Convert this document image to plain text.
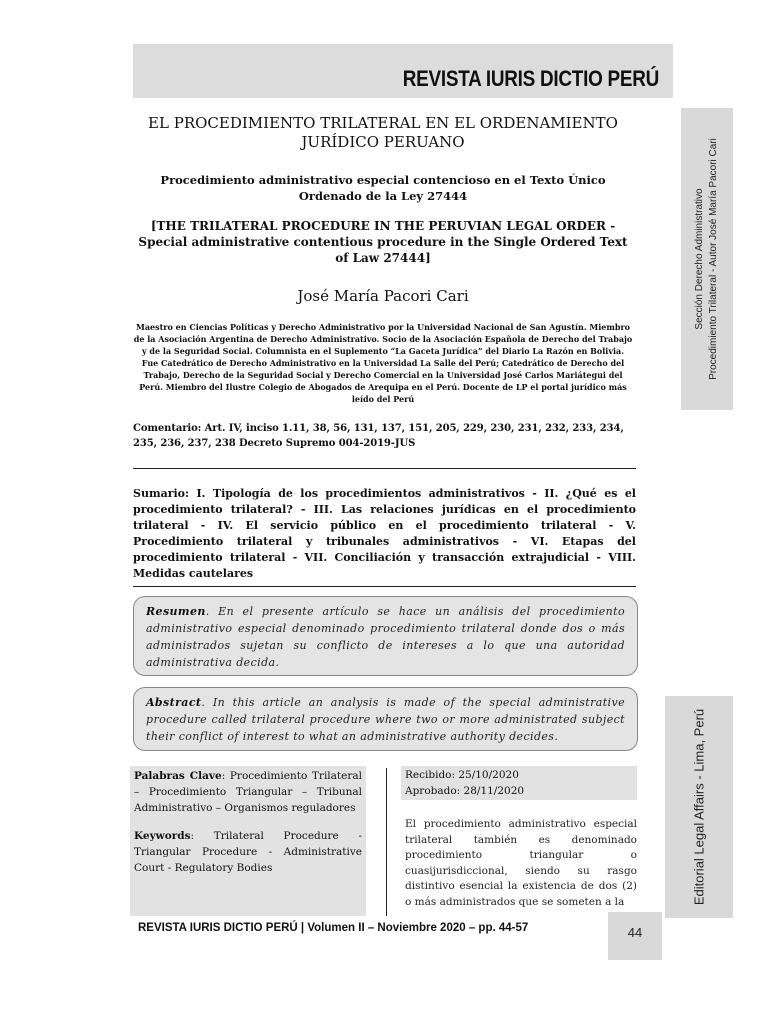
REVISTA IURIS DICTIO PERÚ
Sección Derecho Administrativo Procedimiento Trilateral - Autor José María Pacori Cari
Editorial Legal Affairs - Lima, Perú
EL PROCEDIMIENTO TRILATERAL EN EL ORDENAMIENTO JURÍDICO PERUANO
Procedimiento administrativo especial contencioso en el Texto Único Ordenado de la Ley 27444
[THE TRILATERAL PROCEDURE IN THE PERUVIAN LEGAL ORDER - Special administrative contentious procedure in the Single Ordered Text of Law 27444]
José María Pacori Cari
Maestro en Ciencias Políticas y Derecho Administrativo por la Universidad Nacional de San Agustín. Miembro de la Asociación Argentina de Derecho Administrativo. Socio de la Asociación Española de Derecho del Trabajo y de la Seguridad Social. Columnista en el Suplemento “La Gaceta Jurídica” del Diario La Razón en Bolivia. Fue Catedrático de Derecho Administrativo en la Universidad La Salle del Perú; Catedrático de Derecho del Trabajo, Derecho de la Seguridad Social y Derecho Comercial en la Universidad José Carlos Mariátegui del Perú. Miembro del Ilustre Colegio de Abogados de Arequipa en el Perú. Docente de LP el portal jurídico más leído del Perú
Comentario: Art. IV, inciso 1.11, 38, 56, 131, 137, 151, 205, 229, 230, 231, 232, 233, 234, 235, 236, 237, 238 Decreto Supremo 004-2019-JUS
Sumario: I. Tipología de los procedimientos administrativos - II. ¿Qué es el procedimiento trilateral? - III. Las relaciones jurídicas en el procedimiento trilateral - IV. El servicio público en el procedimiento trilateral - V. Procedimiento trilateral y tribunales administrativos - VI. Etapas del procedimiento trilateral - VII. Conciliación y transacción extrajudicial - VIII. Medidas cautelares
Resumen. En el presente artículo se hace un análisis del procedimiento administrativo especial denominado procedimiento trilateral donde dos o más administrados sujetan su conflicto de intereses a lo que una autoridad administrativa decida.
Abstract. In this article an analysis is made of the special administrative procedure called trilateral procedure where two or more administrated subject their conflict of interest to what an administrative authority decides.

Palabras Clave: Procedimiento Trilateral – Procedimiento Triangular – Tribunal Administrativo – Organismos reguladores

Keywords: Trilateral Procedure - Triangular Procedure - Administrative Court - Regulatory Bodies

Recibido: 25/10/2020
Aprobado: 28/11/2020
El procedimiento administrativo especial trilateral también es denominado procedimiento triangular o cuasijurisdiccional, siendo su rasgo distintivo esencial la existencia de dos (2) o más administrados que se someten a la
REVISTA IURIS DICTIO PERÚ | Volumen II – Noviembre 2020 – pp. 44-57	44
